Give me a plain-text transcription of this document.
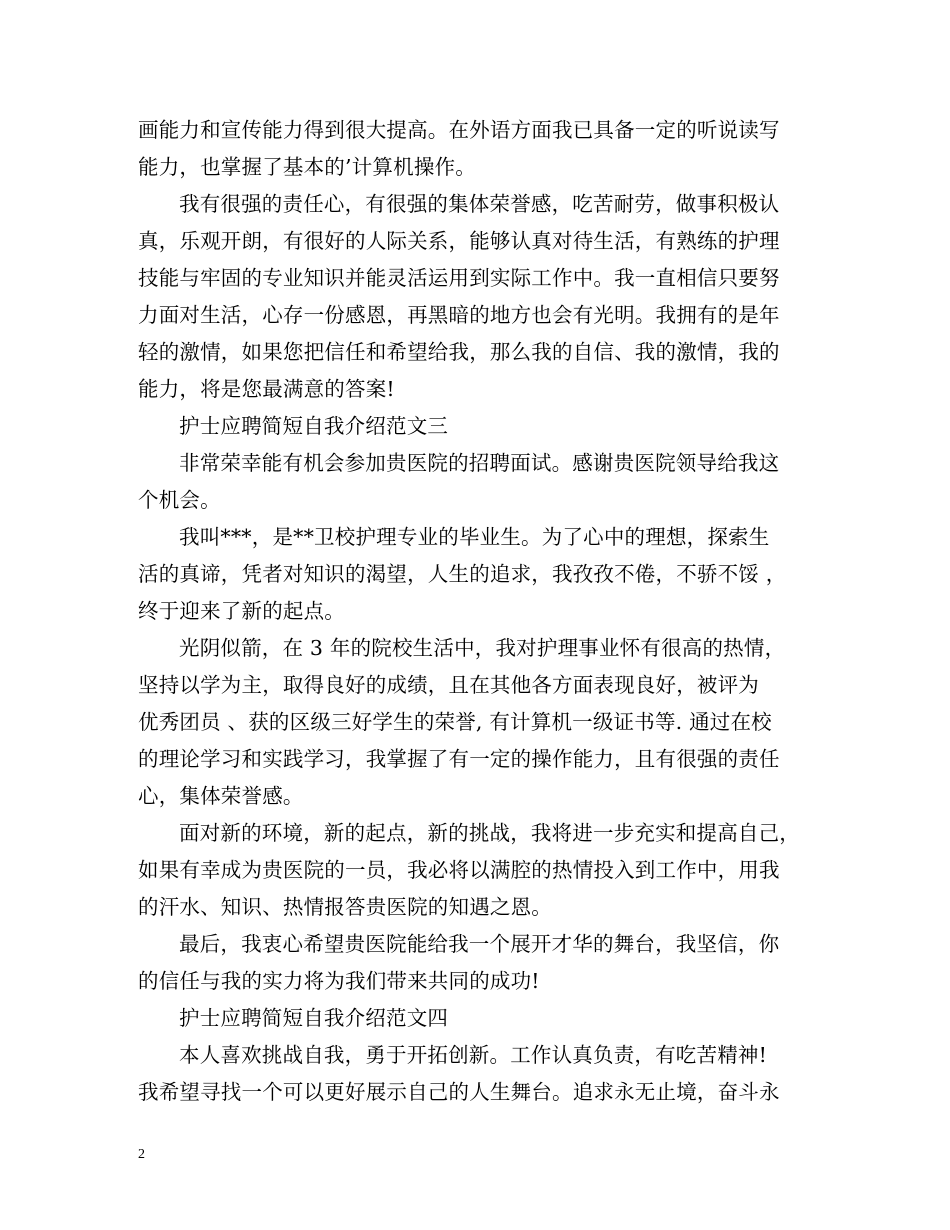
画能力和宣传能力得到很大提高。在外语方面我已具备一定的听说读写
能力，也掌握了基本的’计算机操作。
我有很强的责任心，有很强的集体荣誉感，吃苦耐劳，做事积极认
真，乐观开朗，有很好的人际关系，能够认真对待生活，有熟练的护理
技能与牢固的专业知识并能灵活运用到实际工作中。我一直相信只要努
力面对生活，心存一份感恩，再黑暗的地方也会有光明。我拥有的是年
轻的激情，如果您把信任和希望给我，那么我的自信、我的激情，我的
能力，将是您最满意的答案!
护士应聘简短自我介绍范文三
非常荣幸能有机会参加贵医院的招聘面试。感谢贵医院领导给我这
个机会。
我叫***，是**卫校护理专业的毕业生。为了心中的理想，探索生
活的真谛，凭者对知识的渴望，人生的追求，我孜孜不倦，不骄不馁 ，
终于迎来了新的起点。
光阴似箭，在 3 年的院校生活中，我对护理事业怀有很高的热情，
坚持以学为主，取得良好的成绩，且在其他各方面表现良好，被评为
优秀团员 、获的区级三好学生的荣誉, 有计算机一级证书等. 通过在校
的理论学习和实践学习，我掌握了有一定的操作能力，且有很强的责任
心，集体荣誉感。
面对新的环境，新的起点，新的挑战，我将进一步充实和提高自己，
如果有幸成为贵医院的一员，我必将以满腔的热情投入到工作中，用我
的汗水、知识、热情报答贵医院的知遇之恩。
最后，我衷心希望贵医院能给我一个展开才华的舞台，我坚信，你
的信任与我的实力将为我们带来共同的成功!
护士应聘简短自我介绍范文四
本人喜欢挑战自我，勇于开拓创新。工作认真负责，有吃苦精神!
我希望寻找一个可以更好展示自己的人生舞台。追求永无止境，奋斗永
2
